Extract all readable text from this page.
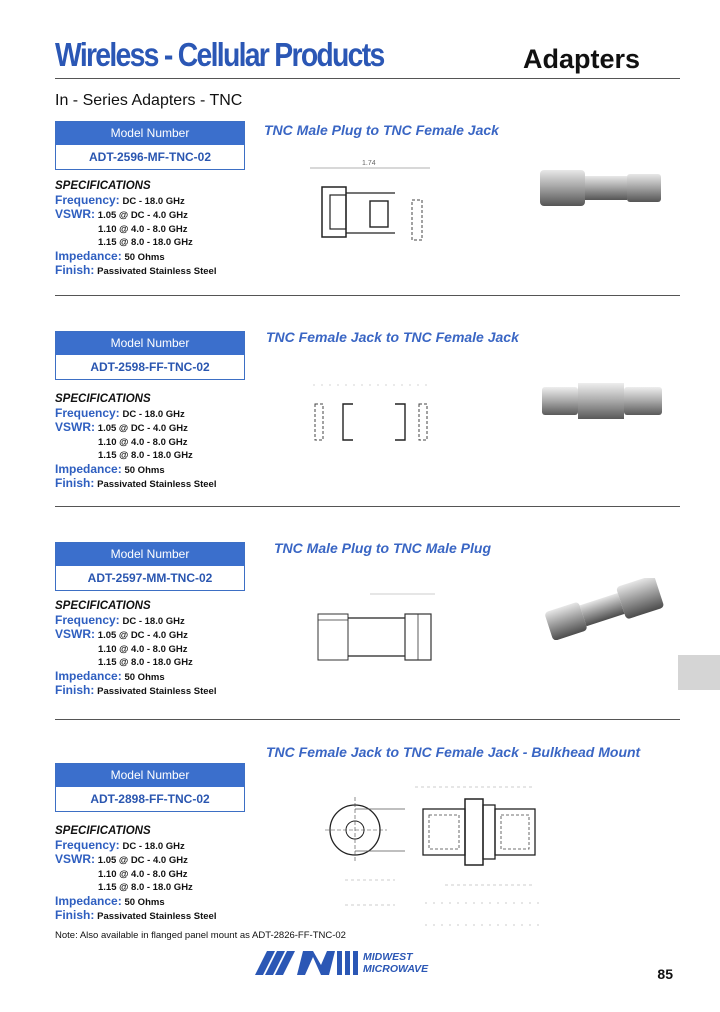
Wireless - Cellular Products	Adapters
In - Series Adapters - TNC
Model Number
ADT-2596-MF-TNC-02
TNC Male Plug to TNC Female Jack
SPECIFICATIONS
Frequency: DC - 18.0 GHz
VSWR: 1.05 @ DC - 4.0 GHz
1.10 @ 4.0 - 8.0 GHz
1.15 @ 8.0 - 18.0 GHz
Impedance: 50 Ohms
Finish: Passivated Stainless Steel
1.74
Model Number
ADT-2598-FF-TNC-02
TNC Female Jack to TNC Female Jack
SPECIFICATIONS
Frequency: DC - 18.0 GHz
VSWR: 1.05 @ DC - 4.0 GHz
1.10 @ 4.0 - 8.0 GHz
1.15 @ 8.0 - 18.0 GHz
Impedance: 50 Ohms
Finish: Passivated Stainless Steel
Model Number
ADT-2597-MM-TNC-02
TNC Male Plug to TNC Male Plug
SPECIFICATIONS
Frequency: DC - 18.0 GHz
VSWR: 1.05 @ DC - 4.0 GHz
1.10 @ 4.0 - 8.0 GHz
1.15 @ 8.0 - 18.0 GHz
Impedance: 50 Ohms
Finish: Passivated Stainless Steel
TNC Female Jack to TNC Female Jack - Bulkhead Mount
Model Number
ADT-2898-FF-TNC-02
SPECIFICATIONS
Frequency: DC - 18.0 GHz
VSWR: 1.05 @ DC - 4.0 GHz
1.10 @ 4.0 - 8.0 GHz
1.15 @ 8.0 - 18.0 GHz
Impedance: 50 Ohms
Finish: Passivated Stainless Steel
Note: Also available in flanged panel mount as ADT-2826-FF-TNC-02
MIDWEST
MICROWAVE	85
